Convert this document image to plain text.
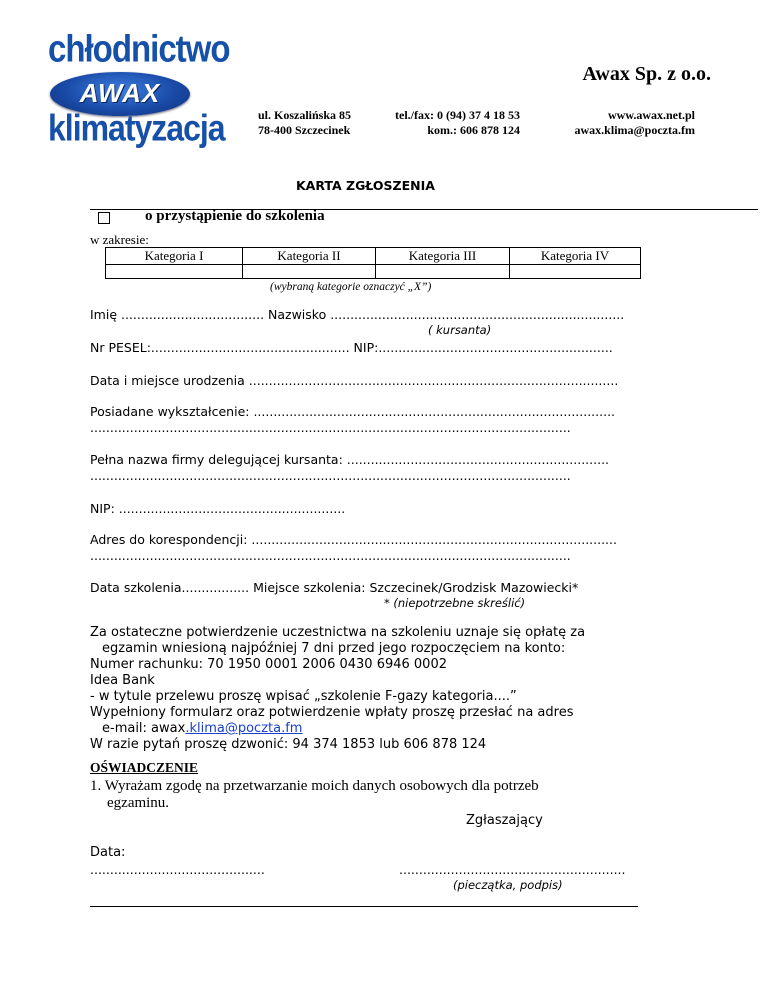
chłodnictwo
AWAX
klimatyzacja
Awax Sp. z o.o.
ul. Koszalińska 85
78-400 Szczecinek
tel./fax: 0 (94) 37 4 18 53
kom.: 606 878 124
www.awax.net.pl
awax.klima@poczta.fm
KARTA ZGŁOSZENIA
o przystąpienie do szkolenia
w zakresie:
Kategoria I	Kategoria II	Kategoria III	Kategoria IV

(wybraną kategorie oznaczyć „X”)
Imię .................................... Nazwisko ..........................................................................
( kursanta)
Nr PESEL:.................................................. NIP:...........................................................
Data i miejsce urodzenia .............................................................................................
Posiadane wykształcenie: ...........................................................................................
.........................................................................................................................
Pełna nazwa firmy delegującej kursanta: ..................................................................
.........................................................................................................................
NIP: .........................................................
Adres do korespondencji: ............................................................................................
.........................................................................................................................
Data szkolenia................. Miejsce szkolenia: Szczecinek/Grodzisk Mazowiecki*
* (niepotrzebne skreślić)
Za ostateczne potwierdzenie uczestnictwa na szkoleniu uznaje się opłatę za
egzamin wniesioną najpóźniej 7 dni przed jego rozpoczęciem na konto:
Numer rachunku: 70 1950 0001 2006 0430 6946 0002
Idea Bank
- w tytule przelewu proszę wpisać „szkolenie F-gazy kategoria....”
Wypełniony formularz oraz potwierdzenie wpłaty proszę przesłać na adres
e-mail: awax.klima@poczta.fm
W razie pytań proszę dzwonić: 94 374 1853 lub 606 878 124
OŚWIADCZENIE
1. Wyrażam zgodę na przetwarzanie moich danych osobowych dla potrzeb
egzaminu.
Zgłaszający
Data:
............................................	.........................................................
(pieczątka, podpis)
